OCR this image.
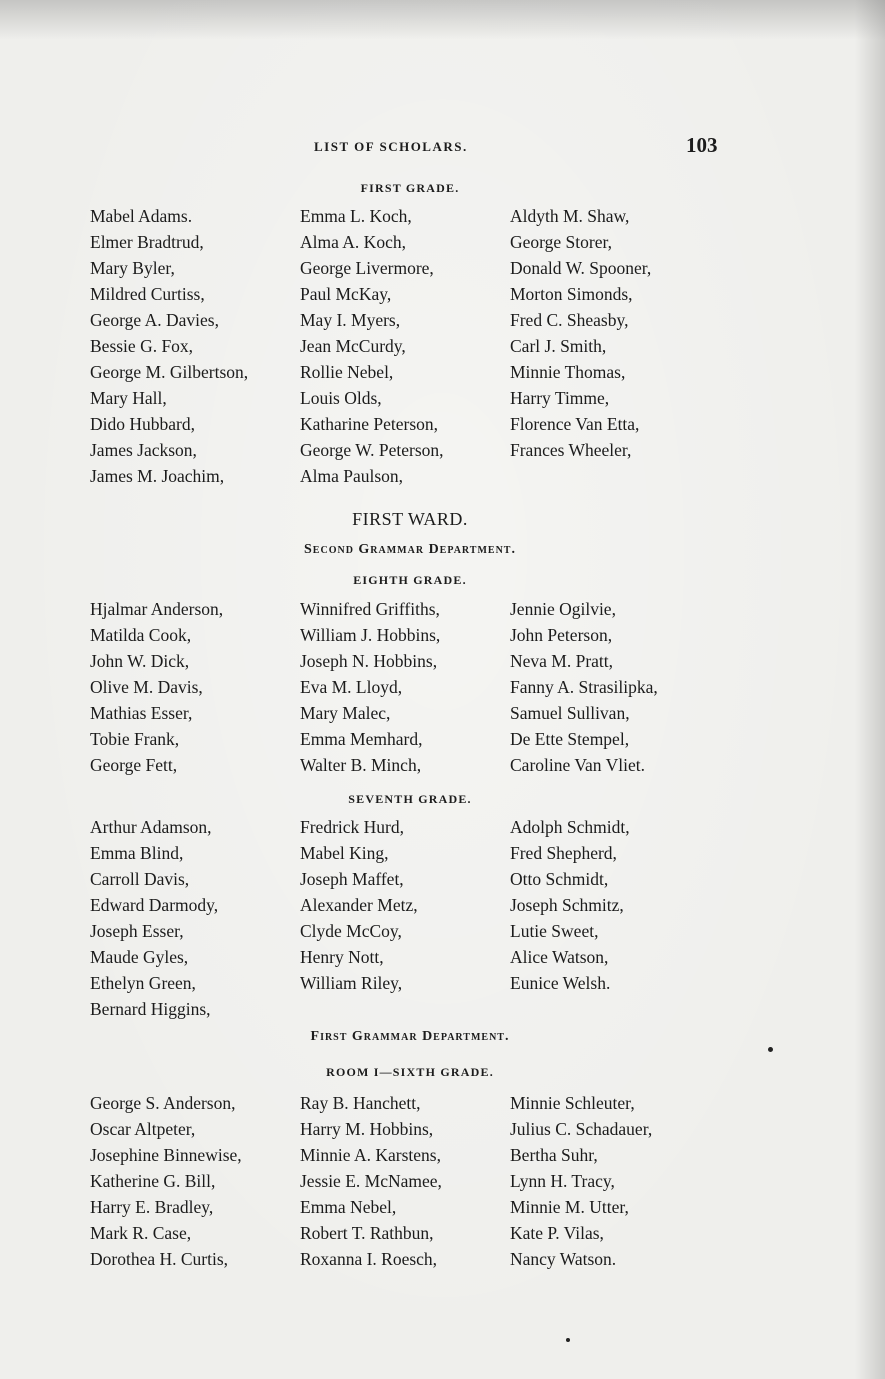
LIST OF SCHOLARS.	103
FIRST GRADE.
Mabel Adams.	Emma L. Koch,	Aldyth M. Shaw,
Elmer Bradtrud,	Alma A. Koch,	George Storer,
Mary Byler,	George Livermore,	Donald W. Spooner,
Mildred Curtiss,	Paul McKay,	Morton Simonds,
George A. Davies,	May I. Myers,	Fred C. Sheasby,
Bessie G. Fox,	Jean McCurdy,	Carl J. Smith,
George M. Gilbertson,	Rollie Nebel,	Minnie Thomas,
Mary Hall,	Louis Olds,	Harry Timme,
Dido Hubbard,	Katharine Peterson,	Florence Van Etta,
James Jackson,	George W. Peterson,	Frances Wheeler,
James M. Joachim,	Alma Paulson,
FIRST WARD.
Second Grammar Department.
EIGHTH GRADE.
Hjalmar Anderson,	Winnifred Griffiths,	Jennie Ogilvie,
Matilda Cook,	William J. Hobbins,	John Peterson,
John W. Dick,	Joseph N. Hobbins,	Neva M. Pratt,
Olive M. Davis,	Eva M. Lloyd,	Fanny A. Strasilipka,
Mathias Esser,	Mary Malec,	Samuel Sullivan,
Tobie Frank,	Emma Memhard,	De Ette Stempel,
George Fett,	Walter B. Minch,	Caroline Van Vliet.
SEVENTH GRADE.
Arthur Adamson,	Fredrick Hurd,	Adolph Schmidt,
Emma Blind,	Mabel King,	Fred Shepherd,
Carroll Davis,	Joseph Maffet,	Otto Schmidt,
Edward Darmody,	Alexander Metz,	Joseph Schmitz,
Joseph Esser,	Clyde McCoy,	Lutie Sweet,
Maude Gyles,	Henry Nott,	Alice Watson,
Ethelyn Green,	William Riley,	Eunice Welsh.
Bernard Higgins,
First Grammar Department.
ROOM I—SIXTH GRADE.
George S. Anderson,	Ray B. Hanchett,	Minnie Schleuter,
Oscar Altpeter,	Harry M. Hobbins,	Julius C. Schadauer,
Josephine Binnewise,	Minnie A. Karstens,	Bertha Suhr,
Katherine G. Bill,	Jessie E. McNamee,	Lynn H. Tracy,
Harry E. Bradley,	Emma Nebel,	Minnie M. Utter,
Mark R. Case,	Robert T. Rathbun,	Kate P. Vilas,
Dorothea H. Curtis,	Roxanna I. Roesch,	Nancy Watson.
